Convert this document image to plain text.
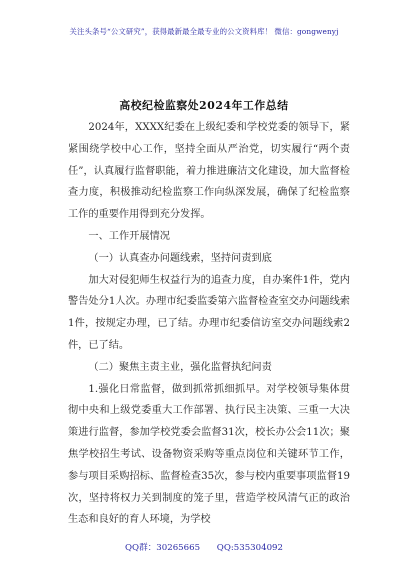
关注头条号“公文研究”，获得最新最全最专业的公文资料库！ 微信：gongwenyj
高校纪检监察处2024年工作总结

2024年，XXXX纪委在上级纪委和学校党委的领导下，紧紧围绕学校中心工作，坚持全面从严治党，切实履行“两个责任”，认真履行监督职能，着力推进廉洁文化建设，加大监督检查力度，积极推动纪检监察工作向纵深发展，确保了纪检监察工作的重要作用得到充分发挥。

一、工作开展情况

（一）认真查办问题线索，坚持问责到底

加大对侵犯师生权益行为的追查力度，自办案件1件，党内警告处分1人次。办理市纪委监委第六监督检查室交办问题线索1件，按规定办理，已了结。办理市纪委信访室交办问题线索2件，已了结。

（二）聚焦主责主业，强化监督执纪问责

1.强化日常监督，做到抓常抓细抓早。对学校领导集体贯彻中央和上级党委重大工作部署、执行民主决策、三重一大决策进行监督，参加学校党委会监督31次，校长办公会11次；聚焦学校招生考试、设备物资采购等重点岗位和关键环节工作，参与项目采购招标、监督检查35次，参与校内重要事项监督19次，坚持将权力关到制度的笼子里，营造学校风清气正的政治生态和良好的育人环境，为学校

QQ群：30265665 QQ:535304092
